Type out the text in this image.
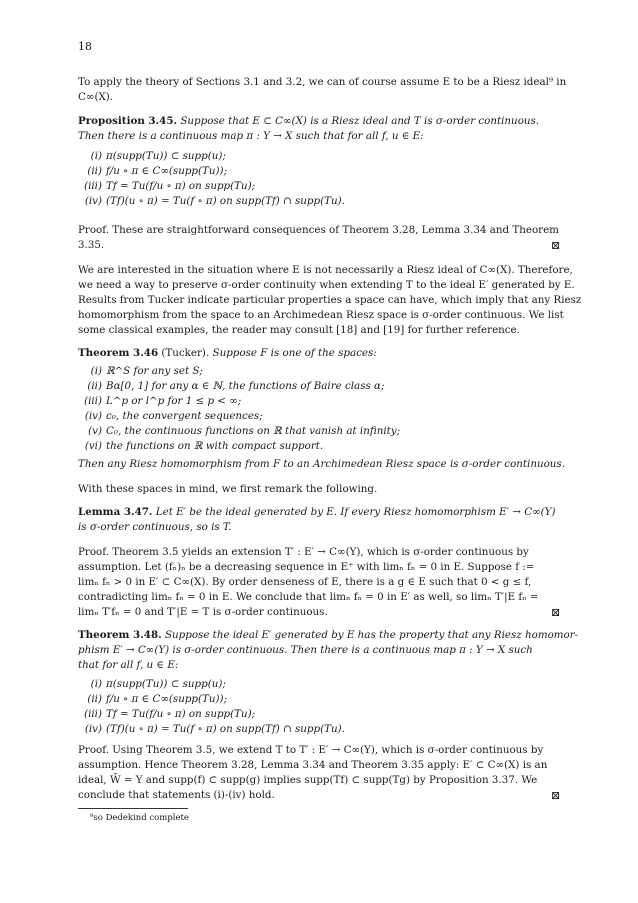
18
To apply the theory of Sections 3.1 and 3.2, we can of course assume E to be a Riesz ideal⁹ in
C∞(X).
Proposition 3.45. Suppose that E ⊂ C∞(X) is a Riesz ideal and T is σ-order continuous.
Then there is a continuous map π : Y → X such that for all f, u ∈ E:
(i) π(supp(Tu)) ⊂ supp(u);
(ii) f/u ∘ π ∈ C∞(supp(Tu));
(iii) Tf = Tu(f/u ∘ π) on supp(Tu);
(iv) (Tf)(u ∘ π) = Tu(f ∘ π) on supp(Tf) ∩ supp(Tu).
Proof. These are straightforward consequences of Theorem 3.28, Lemma 3.34 and Theorem
3.35.	⊠
We are interested in the situation where E is not necessarily a Riesz ideal of C∞(X). Therefore,
we need a way to preserve σ-order continuity when extending T to the ideal E′ generated by E.
Results from Tucker indicate particular properties a space can have, which imply that any Riesz
homomorphism from the space to an Archimedean Riesz space is σ-order continuous. We list
some classical examples, the reader may consult [18] and [19] for further reference.
Theorem 3.46 (Tucker). Suppose F is one of the spaces:
(i) ℝ^S for any set S;
(ii) Bα[0, 1] for any α ∈ ℕ, the functions of Baire class α;
(iii) L^p or l^p for 1 ≤ p < ∞;
(iv) c₀, the convergent sequences;
(v) C₀, the continuous functions on ℝ that vanish at infinity;
(vi) the functions on ℝ with compact support.
Then any Riesz homomorphism from F to an Archimedean Riesz space is σ-order continuous.
With these spaces in mind, we first remark the following.
Lemma 3.47. Let E′ be the ideal generated by E. If every Riesz homomorphism E′ → C∞(Y)
is σ-order continuous, so is T.
Proof. Theorem 3.5 yields an extension T′ : E′ → C∞(Y), which is σ-order continuous by
assumption. Let (fₙ)ₙ be a decreasing sequence in E⁺ with limₙ fₙ = 0 in E. Suppose f :=
limₙ fₙ > 0 in E′ ⊂ C∞(X). By order denseness of E, there is a g ∈ E such that 0 < g ≤ f,
contradicting limₙ fₙ = 0 in E. We conclude that limₙ fₙ = 0 in E′ as well, so limₙ T′|E fₙ =
limₙ T′fₙ = 0 and T′|E = T is σ-order continuous.	⊠
Theorem 3.48. Suppose the ideal E′ generated by E has the property that any Riesz homomor-
phism E′ → C∞(Y) is σ-order continuous. Then there is a continuous map π : Y → X such
that for all f, u ∈ E:
(i) π(supp(Tu)) ⊂ supp(u);
(ii) f/u ∘ π ∈ C∞(supp(Tu));
(iii) Tf = Tu(f/u ∘ π) on supp(Tu);
(iv) (Tf)(u ∘ π) = Tu(f ∘ π) on supp(Tf) ∩ supp(Tu).
Proof. Using Theorem 3.5, we extend T to T′ : E′ → C∞(Y), which is σ-order continuous by
assumption. Hence Theorem 3.28, Lemma 3.34 and Theorem 3.35 apply: E′ ⊂ C∞(X) is an
ideal, W̄ = Y and supp(f) ⊂ supp(g) implies supp(Tf) ⊂ supp(Tg) by Proposition 3.37. We
conclude that statements (i)-(iv) hold.	⊠
⁹so Dedekind complete
